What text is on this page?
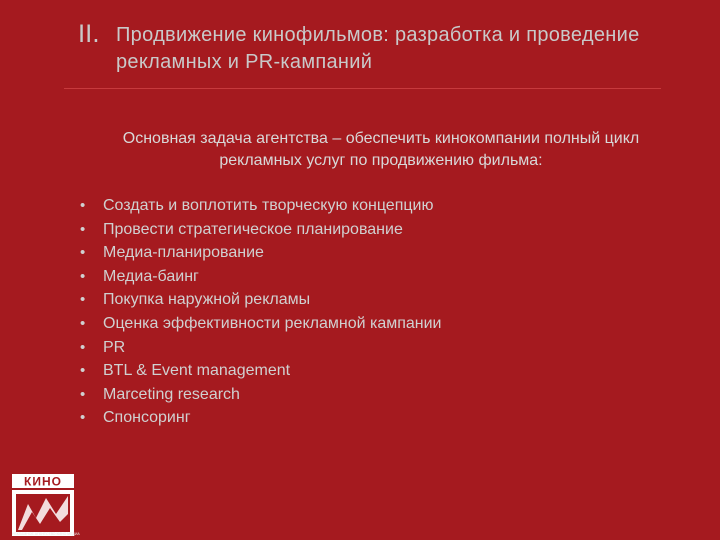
II. Продвижение кинофильмов: разработка и проведение рекламных и PR-кампаний
Основная задача агентства – обеспечить кинокомпании полный цикл рекламных услуг по продвижению фильма:
•	Создать и воплотить творческую концепцию
•	Провести стратегическое планирование
•	Медиа-планирование
•	Медиа-баинг
•	Покупка наружной рекламы
•	Оценка эффективности рекламной кампании
•	PR
•	BTL & Event management
•	Marceting research
•	Спонсоринг
КИНО
РЕКЛАМНОЕ АГЕНТСТВО КИНО МЕДИА
